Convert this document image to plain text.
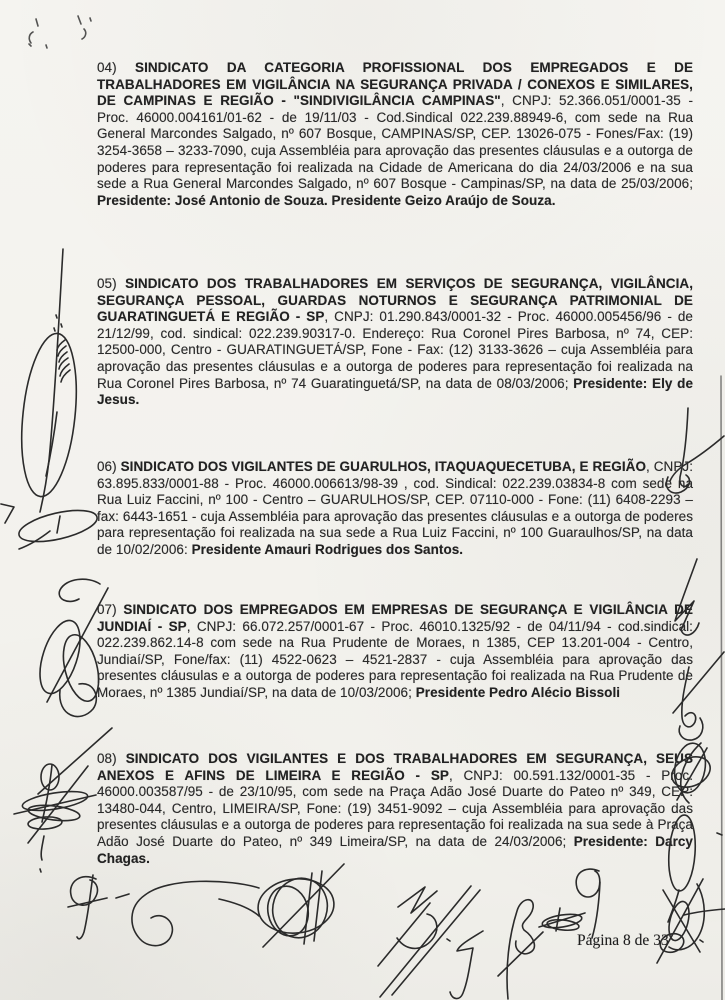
04) SINDICATO DA CATEGORIA PROFISSIONAL DOS EMPREGADOS E DE TRABALHADORES EM VIGILÂNCIA NA SEGURANÇA PRIVADA / CONEXOS E SIMILARES, DE CAMPINAS E REGIÃO - "SINDIVIGILÂNCIA CAMPINAS", CNPJ: 52.366.051/0001-35 - Proc. 46000.004161/01-62 - de 19/11/03 - Cod.Sindical 022.239.88949-6, com sede na Rua General Marcondes Salgado, nº 607 Bosque, CAMPINAS/SP, CEP. 13026-075 - Fones/Fax: (19) 3254-3658 – 3233-7090, cuja Assembléia para aprovação das presentes cláusulas e a outorga de poderes para representação foi realizada na Cidade de Americana do dia 24/03/2006 e na sua sede a Rua General Marcondes Salgado, nº 607 Bosque - Campinas/SP, na data de 25/03/2006; Presidente: José Antonio de Souza. Presidente Geizo Araújo de Souza.
05) SINDICATO DOS TRABALHADORES EM SERVIÇOS DE SEGURANÇA, VIGILÂNCIA, SEGURANÇA PESSOAL, GUARDAS NOTURNOS E SEGURANÇA PATRIMONIAL DE GUARATINGUETÁ E REGIÃO - SP, CNPJ: 01.290.843/0001-32 - Proc. 46000.005456/96 - de 21/12/99, cod. sindical: 022.239.90317-0. Endereço: Rua Coronel Pires Barbosa, nº 74, CEP: 12500-000, Centro - GUARATINGUETÁ/SP, Fone - Fax: (12) 3133-3626 – cuja Assembléia para aprovação das presentes cláusulas e a outorga de poderes para representação foi realizada na Rua Coronel Pires Barbosa, nº 74 Guaratinguetá/SP, na data de 08/03/2006; Presidente: Ely de Jesus.
06) SINDICATO DOS VIGILANTES DE GUARULHOS, ITAQUAQUECETUBA, E REGIÃO, CNPJ: 63.895.833/0001-88 - Proc. 46000.006613/98-39 , cod. Sindical: 022.239.03834-8 com sede na Rua Luiz Faccini, nº 100 - Centro – GUARULHOS/SP, CEP. 07110-000 - Fone: (11) 6408-2293 – fax: 6443-1651 - cuja Assembléia para aprovação das presentes cláusulas e a outorga de poderes para representação foi realizada na sua sede a Rua Luiz Faccini, nº 100 Guaraulhos/SP, na data de 10/02/2006: Presidente Amauri Rodrigues dos Santos.
07) SINDICATO DOS EMPREGADOS EM EMPRESAS DE SEGURANÇA E VIGILÂNCIA DE JUNDIAÍ - SP, CNPJ: 66.072.257/0001-67 - Proc. 46010.1325/92 - de 04/11/94 - cod.sindical: 022.239.862.14-8 com sede na Rua Prudente de Moraes, n 1385, CEP 13.201-004 - Centro, Jundiaí/SP, Fone/fax: (11) 4522-0623 – 4521-2837 - cuja Assembléia para aprovação das presentes cláusulas e a outorga de poderes para representação foi realizada na Rua Prudente de Moraes, nº 1385 Jundiaí/SP, na data de 10/03/2006; Presidente Pedro Alécio Bissoli
08) SINDICATO DOS VIGILANTES E DOS TRABALHADORES EM SEGURANÇA, SEUS ANEXOS E AFINS DE LIMEIRA E REGIÃO - SP, CNPJ: 00.591.132/0001-35 - Proc. 46000.003587/95 - de 23/10/95, com sede na Praça Adão José Duarte do Pateo nº 349, CEP: 13480-044, Centro, LIMEIRA/SP, Fone: (19) 3451-9092 – cuja Assembléia para aprovação das presentes cláusulas e a outorga de poderes para representação foi realizada na sua sede à Praça Adão José Duarte do Pateo, nº 349 Limeira/SP, na data de 24/03/2006; Presidente: Darcy Chagas.
Página 8 de 33
